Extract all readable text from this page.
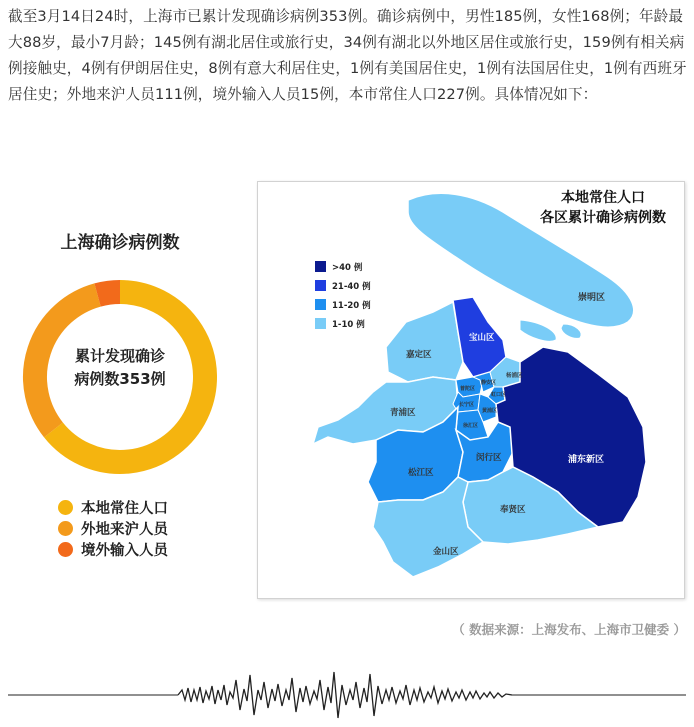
截至3月14日24时，上海市已累计发现确诊病例353例。确诊病例中，男性185例，女性168例；年龄最大88岁，最小7月龄；145例有湖北居住或旅行史，34例有湖北以外地区居住或旅行史，159例有相关病例接触史，4例有伊朗居住史，8例有意大利居住史，1例有美国居住史，1例有法国居住史，1例有西班牙居住史；外地来沪人员111例，境外输入人员15例，本市常住人口227例。具体情况如下：
上海确诊病例数
累计发现确诊
病例数353例
本地常住人口
外地来沪人员
境外输入人员
崇明区
宝山区
嘉定区
青浦区
松江区
闵行区	浦东新区
奉贤区
金山区
杨浦区
普陀区
静安区
虹口区
长宁区
黄浦区
徐汇区
本地常住人口
各区累计确诊病例数
>40 例
21-40 例
11-20 例
1-10 例
（ 数据来源：上海发布、上海市卫健委 ）
